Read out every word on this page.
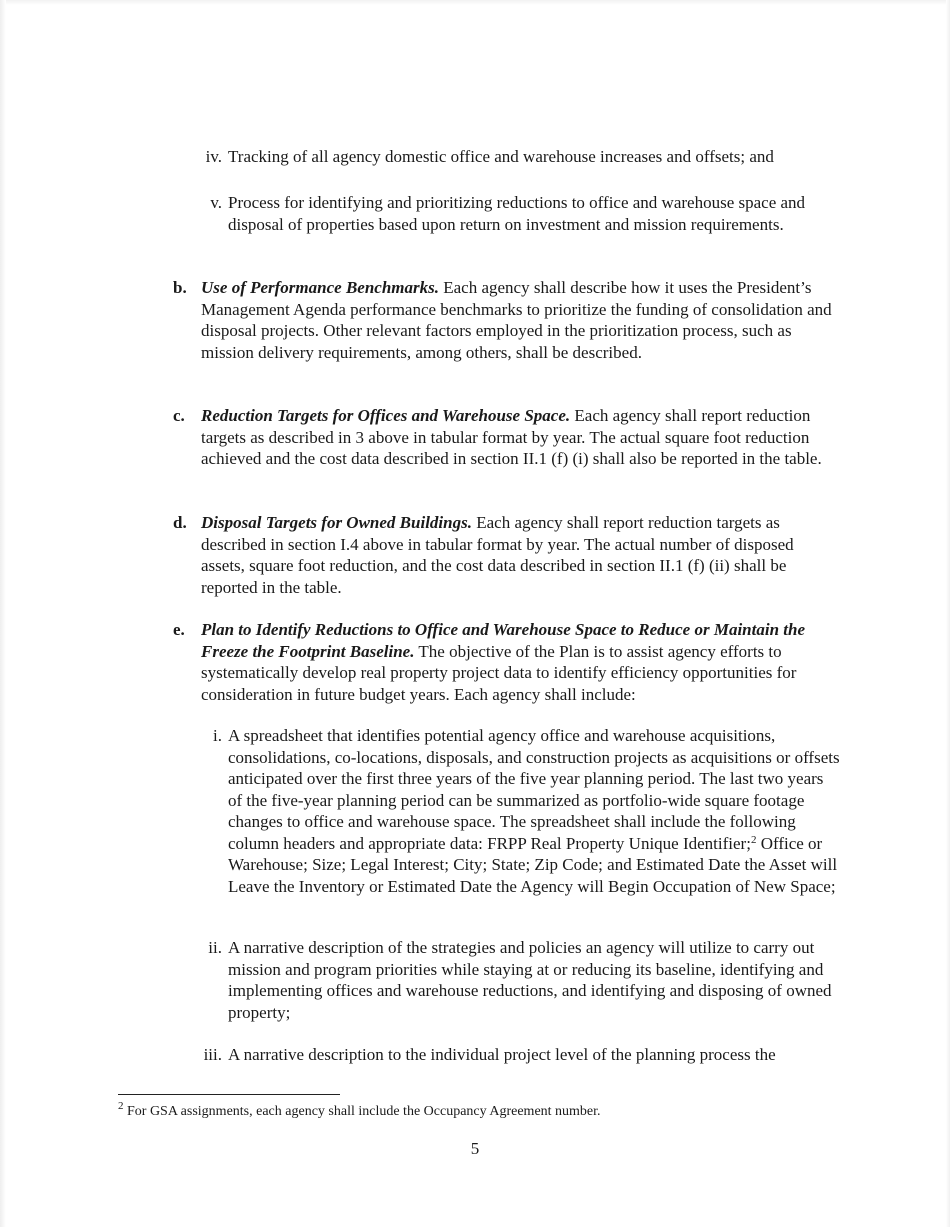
iv. Tracking of all agency domestic office and warehouse increases and offsets; and
v. Process for identifying and prioritizing reductions to office and warehouse space and disposal of properties based upon return on investment and mission requirements.
b. Use of Performance Benchmarks. Each agency shall describe how it uses the President’s Management Agenda performance benchmarks to prioritize the funding of consolidation and disposal projects. Other relevant factors employed in the prioritization process, such as mission delivery requirements, among others, shall be described.
c. Reduction Targets for Offices and Warehouse Space. Each agency shall report reduction targets as described in 3 above in tabular format by year. The actual square foot reduction achieved and the cost data described in section II.1 (f) (i) shall also be reported in the table.
d. Disposal Targets for Owned Buildings. Each agency shall report reduction targets as described in section I.4 above in tabular format by year. The actual number of disposed assets, square foot reduction, and the cost data described in section II.1 (f) (ii) shall be reported in the table.
e. Plan to Identify Reductions to Office and Warehouse Space to Reduce or Maintain the Freeze the Footprint Baseline. The objective of the Plan is to assist agency efforts to systematically develop real property project data to identify efficiency opportunities for consideration in future budget years. Each agency shall include:
i. A spreadsheet that identifies potential agency office and warehouse acquisitions, consolidations, co-locations, disposals, and construction projects as acquisitions or offsets anticipated over the first three years of the five year planning period. The last two years of the five-year planning period can be summarized as portfolio-wide square footage changes to office and warehouse space. The spreadsheet shall include the following column headers and appropriate data: FRPP Real Property Unique Identifier;$^2$ Office or Warehouse; Size; Legal Interest; City; State; Zip Code; and Estimated Date the Asset will Leave the Inventory or Estimated Date the Agency will Begin Occupation of New Space;
ii. A narrative description of the strategies and policies an agency will utilize to carry out mission and program priorities while staying at or reducing its baseline, identifying and implementing offices and warehouse reductions, and identifying and disposing of owned property;
iii. A narrative description to the individual project level of the planning process the
$^2$ For GSA assignments, each agency shall include the Occupancy Agreement number.
5
